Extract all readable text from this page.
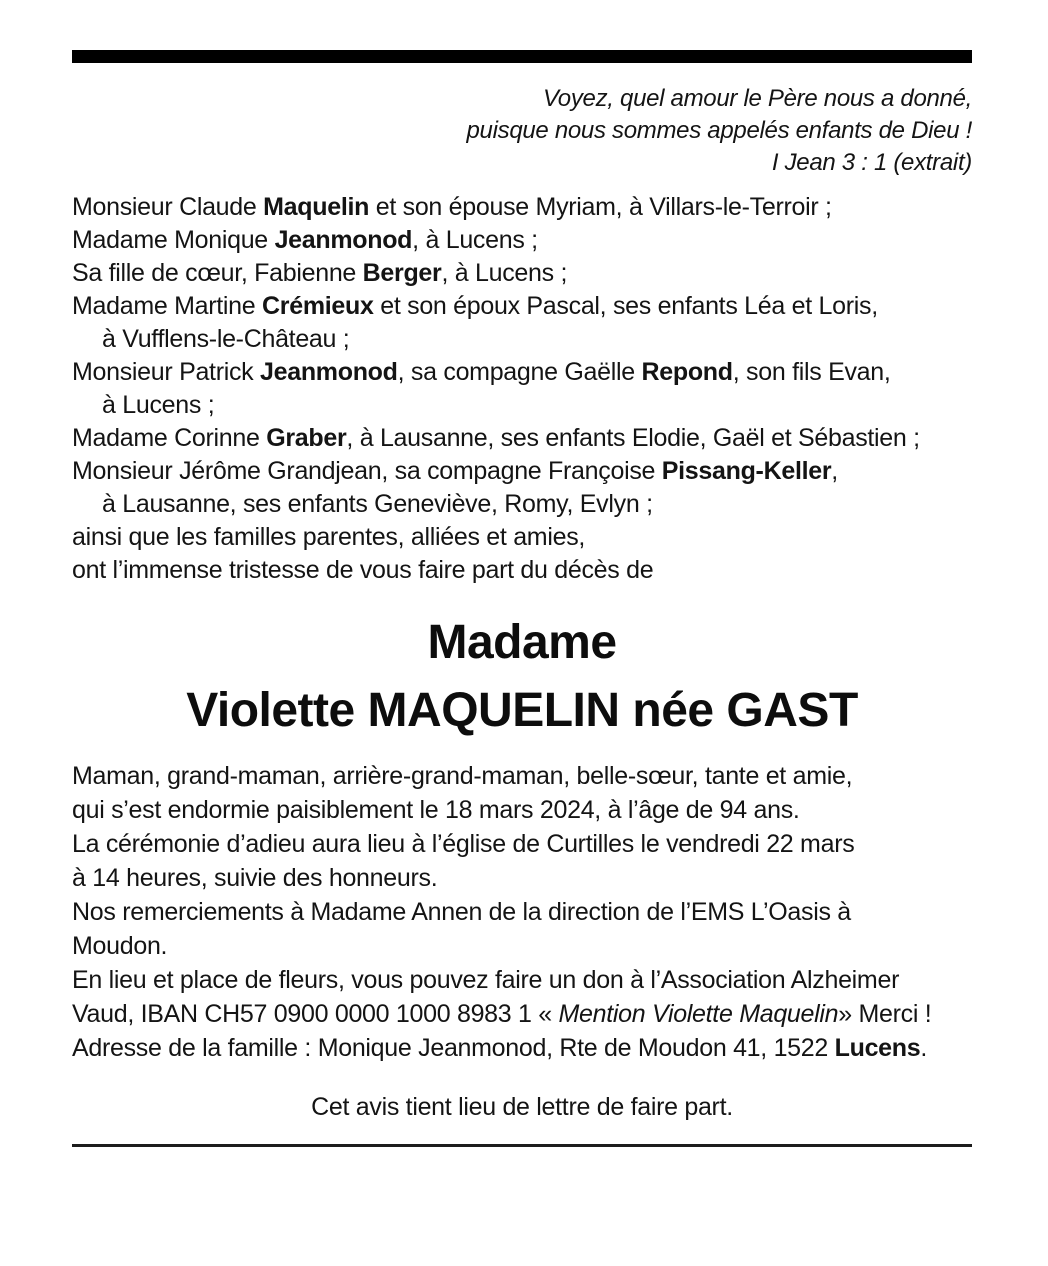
Voyez, quel amour le Père nous a donné,
puisque nous sommes appelés enfants de Dieu !
I Jean 3 : 1 (extrait)
Monsieur Claude Maquelin et son épouse Myriam, à Villars-le-Terroir ;
Madame Monique Jeanmonod, à Lucens ;
Sa fille de cœur, Fabienne Berger, à Lucens ;
Madame Martine Crémieux et son époux Pascal, ses enfants Léa et Loris,
à Vufflens-le-Château ;
Monsieur Patrick Jeanmonod, sa compagne Gaëlle Repond, son fils Evan,
à Lucens ;
Madame Corinne Graber, à Lausanne, ses enfants Elodie, Gaël et Sébastien ;
Monsieur Jérôme Grandjean, sa compagne Françoise Pissang-Keller,
à Lausanne, ses enfants Geneviève, Romy, Evlyn ;
ainsi que les familles parentes, alliées et amies,
ont l’immense tristesse de vous faire part du décès de
Madame
Violette MAQUELIN née GAST
Maman, grand-maman, arrière-grand-maman, belle-sœur, tante et amie,
qui s’est endormie paisiblement le 18 mars 2024, à l’âge de 94 ans.
La cérémonie d’adieu aura lieu à l’église de Curtilles le vendredi 22 mars
à 14 heures, suivie des honneurs.
Nos remerciements à Madame Annen de la direction de l’EMS L’Oasis à
Moudon.
En lieu et place de fleurs, vous pouvez faire un don à l’Association Alzheimer
Vaud, IBAN CH57 0900 0000 1000 8983 1 « Mention Violette Maquelin» Merci !
Adresse de la famille : Monique Jeanmonod, Rte de Moudon 41, 1522 Lucens.
Cet avis tient lieu de lettre de faire part.
